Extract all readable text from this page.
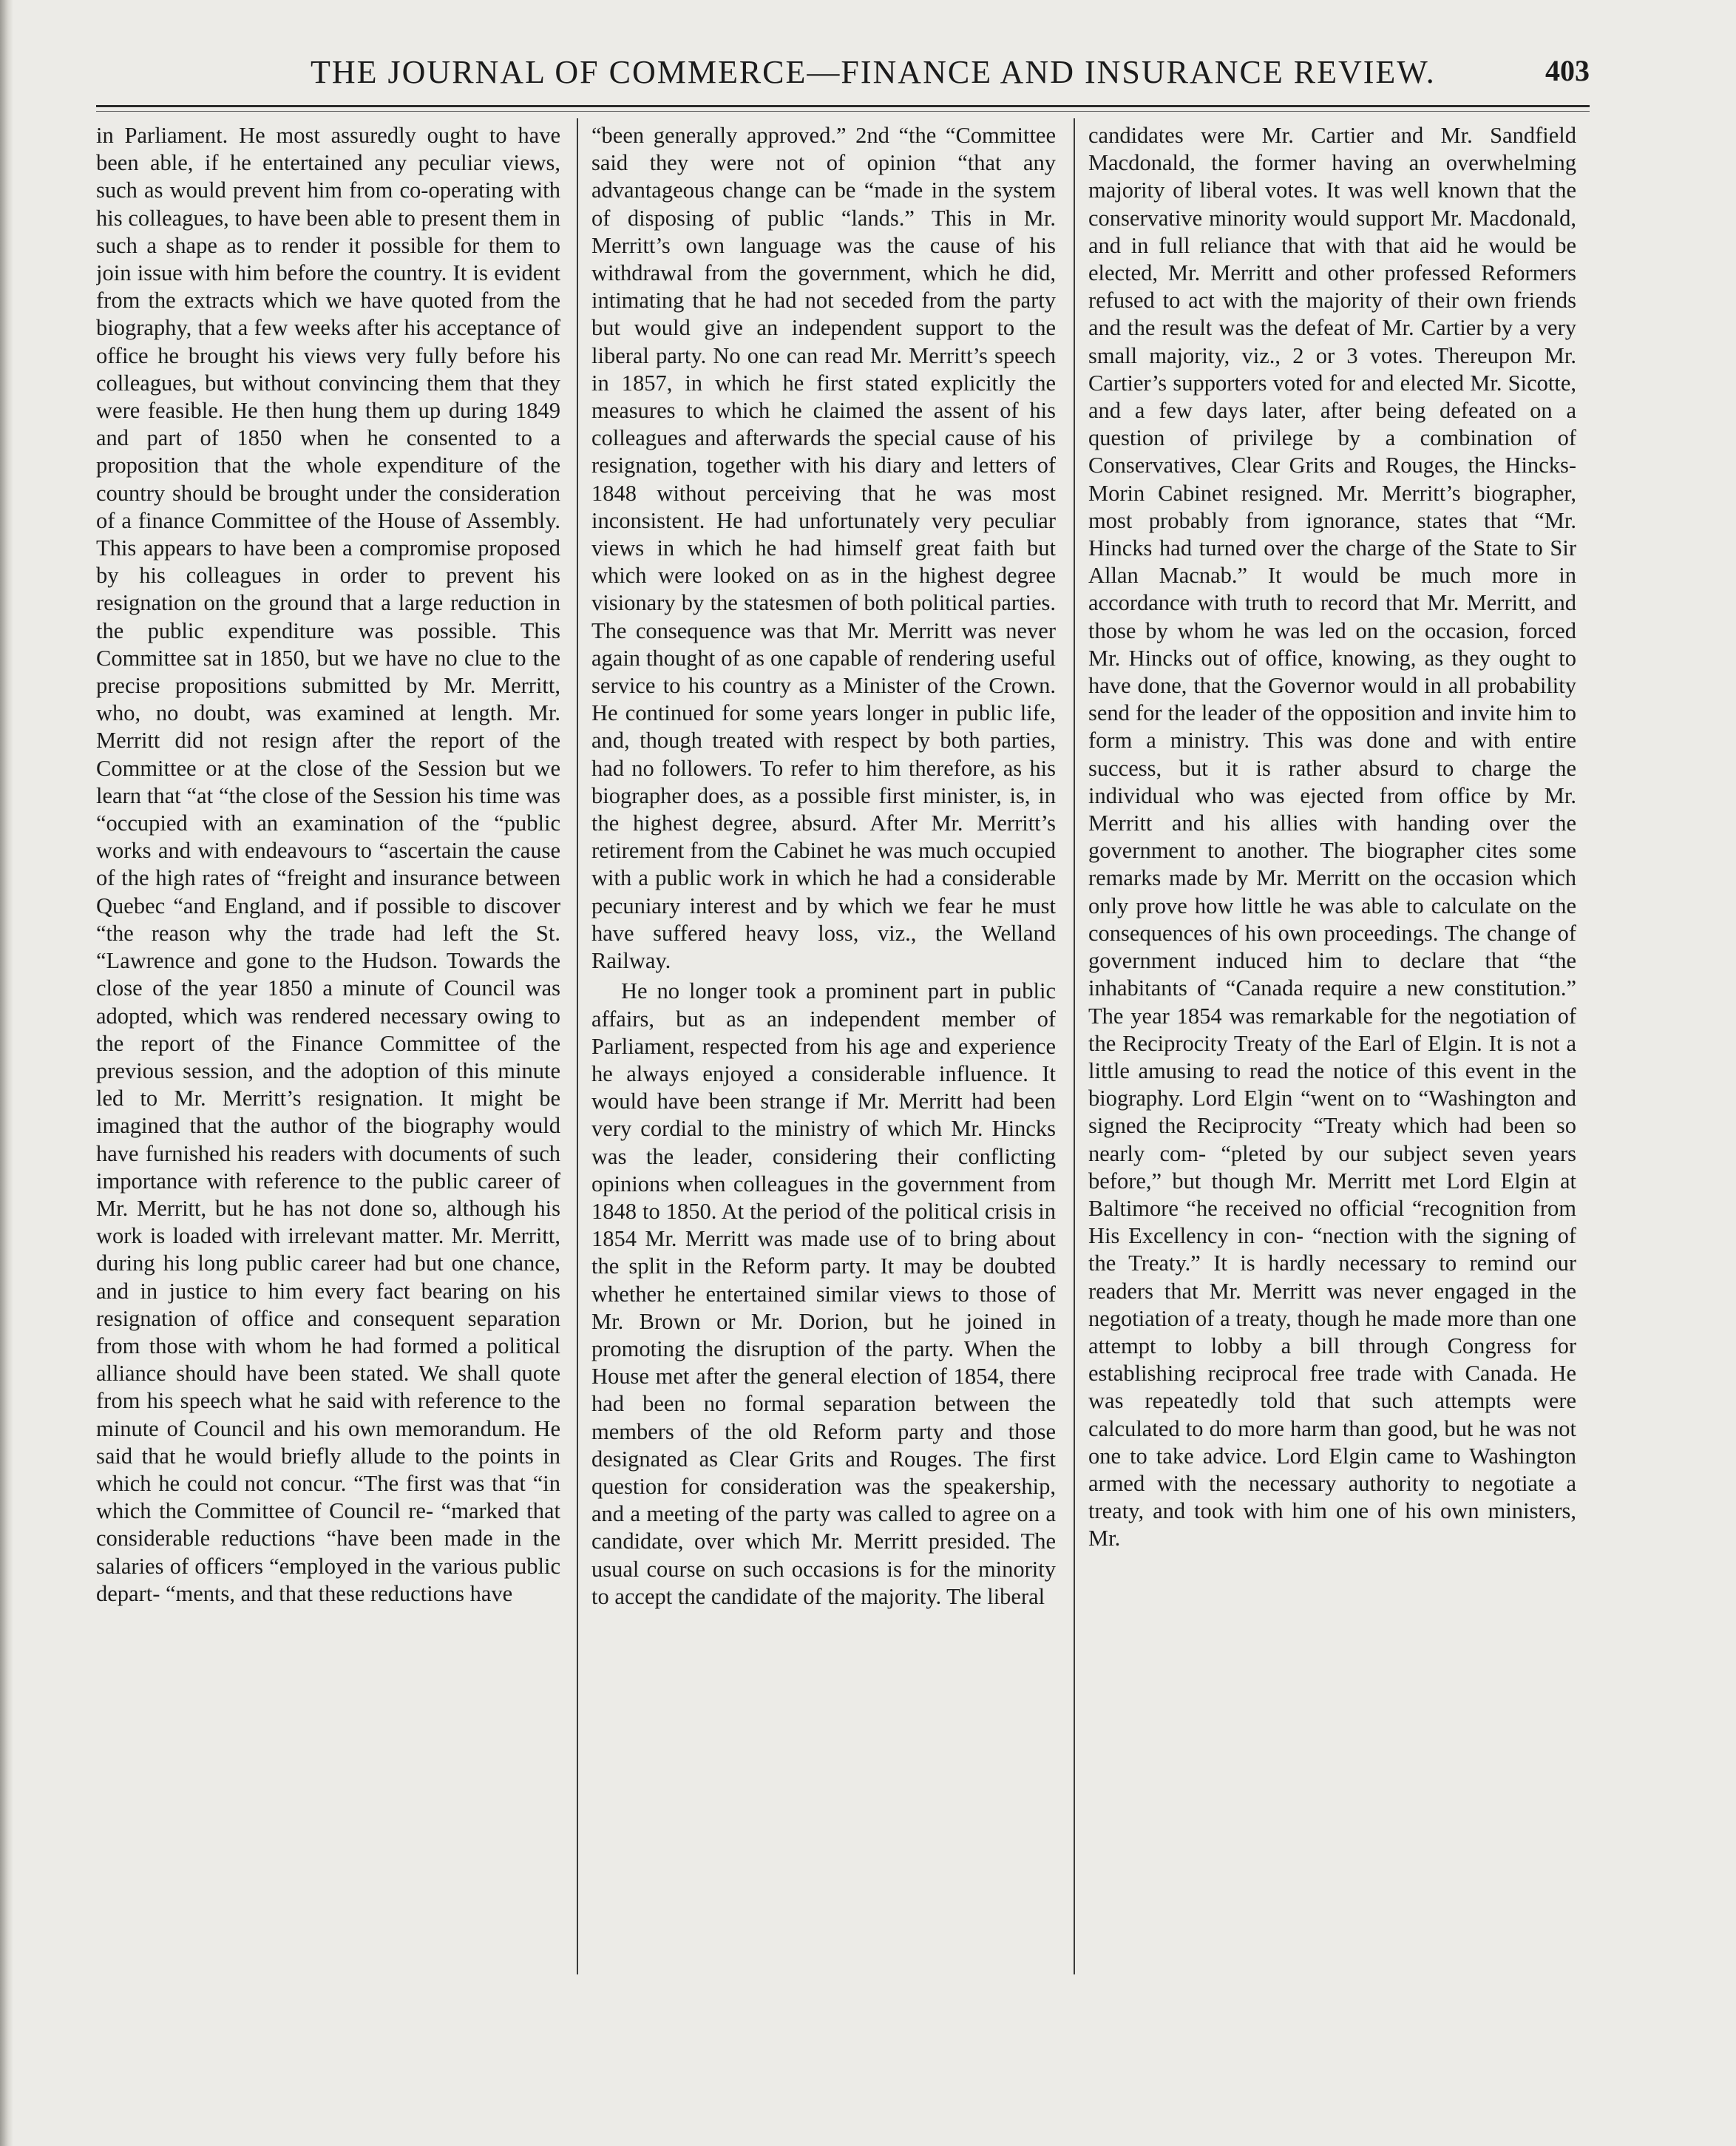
THE JOURNAL OF COMMERCE—FINANCE AND INSURANCE REVIEW.	403

in Parliament. He most assuredly ought to have been able, if he entertained any peculiar views, such as would prevent him from co-operating with his colleagues, to have been able to present them in such a shape as to render it possible for them to join issue with him before the country. It is evident from the extracts which we have quoted from the biography, that a few weeks after his acceptance of office he brought his views very fully before his colleagues, but without convincing them that they were feasible. He then hung them up during 1849 and part of 1850 when he consented to a proposition that the whole expenditure of the country should be brought under the consideration of a finance Committee of the House of Assembly. This appears to have been a compromise proposed by his colleagues in order to prevent his resignation on the ground that a large reduction in the public expenditure was possible. This Committee sat in 1850, but we have no clue to the precise propositions submitted by Mr. Merritt, who, no doubt, was examined at length. Mr. Merritt did not resign after the report of the Committee or at the close of the Session but we learn that “at “the close of the Session his time was “occupied with an examination of the “public works and with endeavours to “ascertain the cause of the high rates of “freight and insurance between Quebec “and England, and if possible to discover “the reason why the trade had left the St. “Lawrence and gone to the Hudson. Towards the close of the year 1850 a minute of Council was adopted, which was rendered necessary owing to the report of the Finance Committee of the previous session, and the adoption of this minute led to Mr. Merritt’s resignation. It might be imagined that the author of the biography would have furnished his readers with documents of such importance with reference to the public career of Mr. Merritt, but he has not done so, although his work is loaded with irrelevant matter. Mr. Merritt, during his long public career had but one chance, and in justice to him every fact bearing on his resignation of office and consequent separation from those with whom he had formed a political alliance should have been stated. We shall quote from his speech what he said with reference to the minute of Council and his own memorandum. He said that he would briefly allude to the points in which he could not concur. “The first was that “in which the Committee of Council re- “marked that considerable reductions “have been made in the salaries of officers “employed in the various public depart- “ments, and that these reductions have

“been generally approved.” 2nd “the “Committee said they were not of opinion “that any advantageous change can be “made in the system of disposing of public “lands.” This in Mr. Merritt’s own language was the cause of his withdrawal from the government, which he did, intimating that he had not seceded from the party but would give an independent support to the liberal party. No one can read Mr. Merritt’s speech in 1857, in which he first stated explicitly the measures to which he claimed the assent of his colleagues and afterwards the special cause of his resignation, together with his diary and letters of 1848 without perceiving that he was most inconsistent. He had unfortunately very peculiar views in which he had himself great faith but which were looked on as in the highest degree visionary by the statesmen of both political parties. The consequence was that Mr. Merritt was never again thought of as one capable of rendering useful service to his country as a Minister of the Crown. He continued for some years longer in public life, and, though treated with respect by both parties, had no followers. To refer to him therefore, as his biographer does, as a possible first minister, is, in the highest degree, absurd. After Mr. Merritt’s retirement from the Cabinet he was much occupied with a public work in which he had a considerable pecuniary interest and by which we fear he must have suffered heavy loss, viz., the Welland Railway.

He no longer took a prominent part in public affairs, but as an independent member of Parliament, respected from his age and experience he always enjoyed a considerable influence. It would have been strange if Mr. Merritt had been very cordial to the ministry of which Mr. Hincks was the leader, considering their conflicting opinions when colleagues in the government from 1848 to 1850. At the period of the political crisis in 1854 Mr. Merritt was made use of to bring about the split in the Reform party. It may be doubted whether he entertained similar views to those of Mr. Brown or Mr. Dorion, but he joined in promoting the disruption of the party. When the House met after the general election of 1854, there had been no formal separation between the members of the old Reform party and those designated as Clear Grits and Rouges. The first question for consideration was the speakership, and a meeting of the party was called to agree on a candidate, over which Mr. Merritt presided. The usual course on such occasions is for the minority to accept the candidate of the majority. The liberal

candidates were Mr. Cartier and Mr. Sandfield Macdonald, the former having an overwhelming majority of liberal votes. It was well known that the conservative minority would support Mr. Macdonald, and in full reliance that with that aid he would be elected, Mr. Merritt and other professed Reformers refused to act with the majority of their own friends and the result was the defeat of Mr. Cartier by a very small majority, viz., 2 or 3 votes. Thereupon Mr. Cartier’s supporters voted for and elected Mr. Sicotte, and a few days later, after being defeated on a question of privilege by a combination of Conservatives, Clear Grits and Rouges, the Hincks-Morin Cabinet resigned. Mr. Merritt’s biographer, most probably from ignorance, states that “Mr. Hincks had turned over the charge of the State to Sir Allan Macnab.” It would be much more in accordance with truth to record that Mr. Merritt, and those by whom he was led on the occasion, forced Mr. Hincks out of office, knowing, as they ought to have done, that the Governor would in all probability send for the leader of the opposition and invite him to form a ministry. This was done and with entire success, but it is rather absurd to charge the individual who was ejected from office by Mr. Merritt and his allies with handing over the government to another. The biographer cites some remarks made by Mr. Merritt on the occasion which only prove how little he was able to calculate on the consequences of his own proceedings. The change of government induced him to declare that “the inhabitants of “Canada require a new constitution.” The year 1854 was remarkable for the negotiation of the Reciprocity Treaty of the Earl of Elgin. It is not a little amusing to read the notice of this event in the biography. Lord Elgin “went on to “Washington and signed the Reciprocity “Treaty which had been so nearly com- “pleted by our subject seven years before,” but though Mr. Merritt met Lord Elgin at Baltimore “he received no official “recognition from His Excellency in con- “nection with the signing of the Treaty.” It is hardly necessary to remind our readers that Mr. Merritt was never engaged in the negotiation of a treaty, though he made more than one attempt to lobby a bill through Congress for establishing reciprocal free trade with Canada. He was repeatedly told that such attempts were calculated to do more harm than good, but he was not one to take advice. Lord Elgin came to Washington armed with the necessary authority to negotiate a treaty, and took with him one of his own ministers, Mr.
